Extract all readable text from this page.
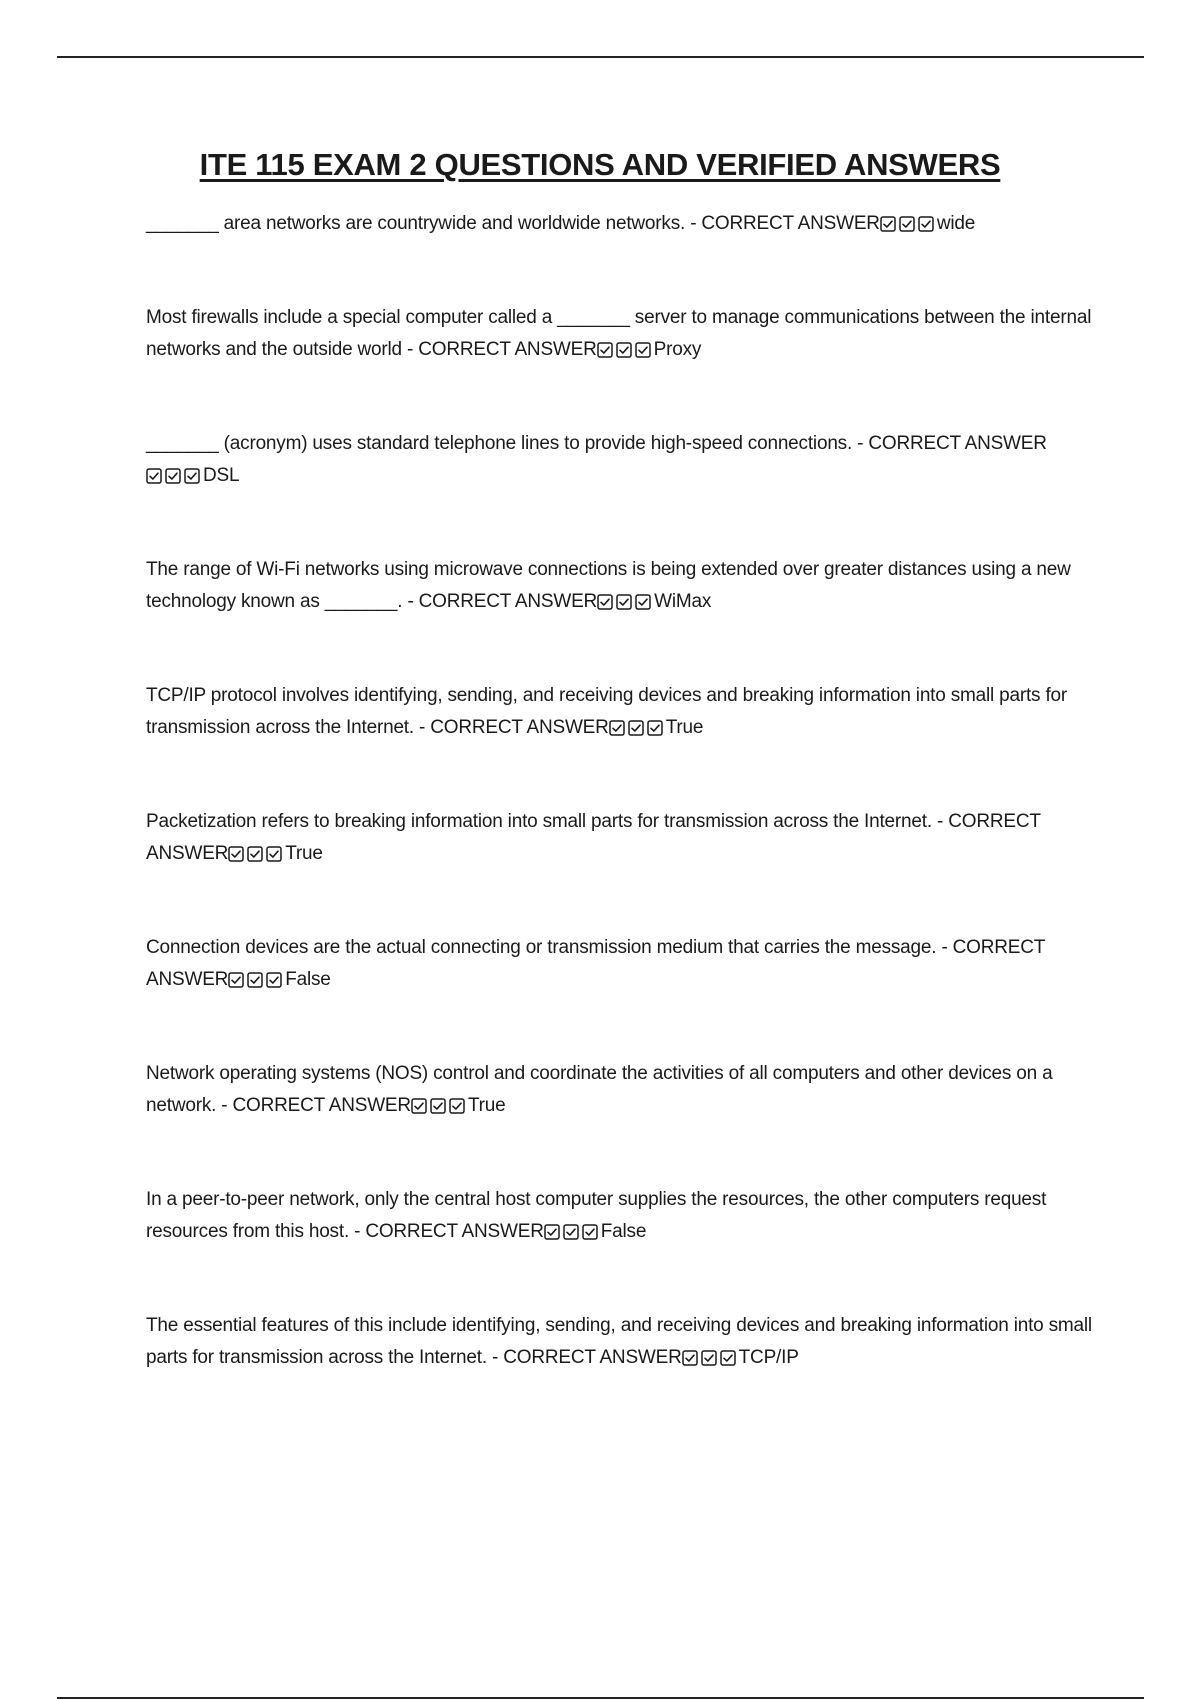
ITE 115 EXAM 2 QUESTIONS AND VERIFIED ANSWERS
_______ area networks are countrywide and worldwide networks. - CORRECT ANSWER	wide
Most firewalls include a special computer called a _______ server to manage communications between the internal networks and the outside world - CORRECT ANSWER	Proxy
_______ (acronym) uses standard telephone lines to provide high-speed connections. - CORRECT ANSWER
DSL
The range of Wi-Fi networks using microwave connections is being extended over greater distances using a new technology known as _______. - CORRECT ANSWER	WiMax
TCP/IP protocol involves identifying, sending, and receiving devices and breaking information into small parts for transmission across the Internet. - CORRECT ANSWER	True
Packetization refers to breaking information into small parts for transmission across the Internet. - CORRECT ANSWER	True
Connection devices are the actual connecting or transmission medium that carries the message. - CORRECT ANSWER	False
Network operating systems (NOS) control and coordinate the activities of all computers and other devices on a network. - CORRECT ANSWER	True
In a peer-to-peer network, only the central host computer supplies the resources, the other computers request resources from this host. - CORRECT ANSWER	False
The essential features of this include identifying, sending, and receiving devices and breaking information into small parts for transmission across the Internet. - CORRECT ANSWER	TCP/IP
